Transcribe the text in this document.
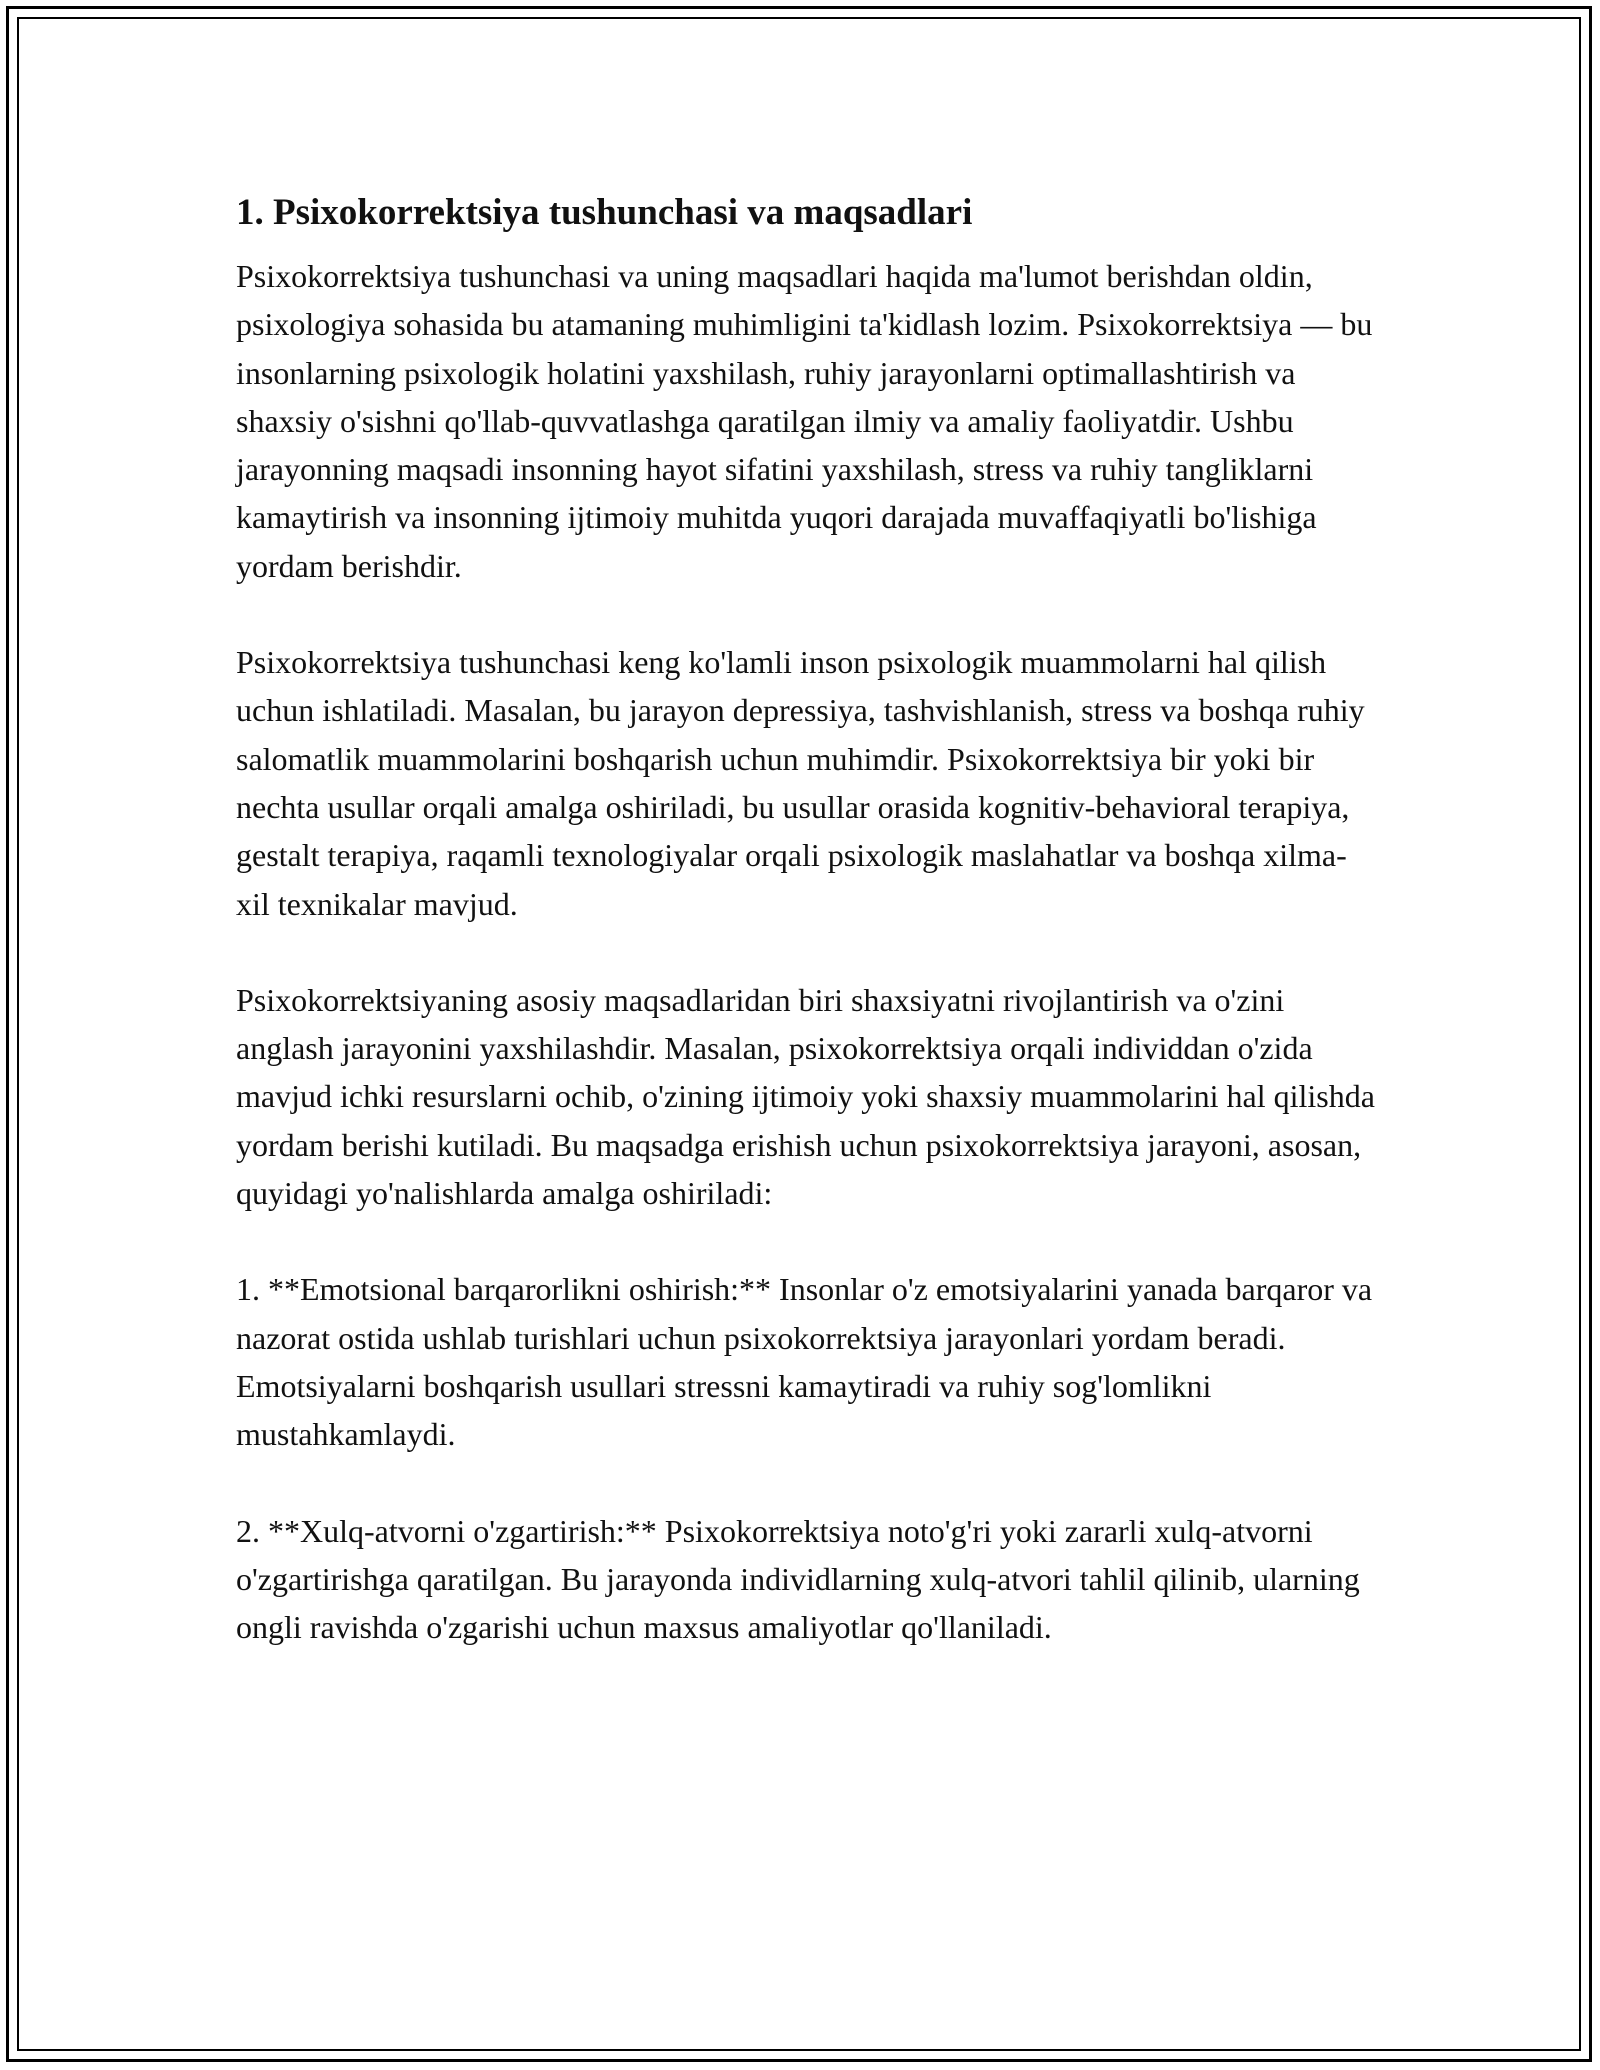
1. Psixokorrektsiya tushunchasi va maqsadlari

Psixokorrektsiya tushunchasi va uning maqsadlari haqida ma'lumot berishdan oldin, psixologiya sohasida bu atamaning muhimligini ta'kidlash lozim. Psixokorrektsiya — bu insonlarning psixologik holatini yaxshilash, ruhiy jarayonlarni optimallashtirish va shaxsiy o'sishni qo'llab-quvvatlashga qaratilgan ilmiy va amaliy faoliyatdir. Ushbu jarayonning maqsadi insonning hayot sifatini yaxshilash, stress va ruhiy tangliklarni kamaytirish va insonning ijtimoiy muhitda yuqori darajada muvaffaqiyatli bo'lishiga yordam berishdir.

Psixokorrektsiya tushunchasi keng ko'lamli inson psixologik muammolarni hal qilish uchun ishlatiladi. Masalan, bu jarayon depressiya, tashvishlanish, stress va boshqa ruhiy salomatlik muammolarini boshqarish uchun muhimdir. Psixokorrektsiya bir yoki bir nechta usullar orqali amalga oshiriladi, bu usullar orasida kognitiv-behavioral terapiya, gestalt terapiya, raqamli texnologiyalar orqali psixologik maslahatlar va boshqa xilma-xil texnikalar mavjud.

Psixokorrektsiyaning asosiy maqsadlaridan biri shaxsiyatni rivojlantirish va o'zini anglash jarayonini yaxshilashdir. Masalan, psixokorrektsiya orqali individdan o'zida mavjud ichki resurslarni ochib, o'zining ijtimoiy yoki shaxsiy muammolarini hal qilishda yordam berishi kutiladi. Bu maqsadga erishish uchun psixokorrektsiya jarayoni, asosan, quyidagi yo'nalishlarda amalga oshiriladi:

1. **Emotsional barqarorlikni oshirish:** Insonlar o'z emotsiyalarini yanada barqaror va nazorat ostida ushlab turishlari uchun psixokorrektsiya jarayonlari yordam beradi. Emotsiyalarni boshqarish usullari stressni kamaytiradi va ruhiy sog'lomlikni mustahkamlaydi.

2. **Xulq-atvorni o'zgartirish:** Psixokorrektsiya noto'g'ri yoki zararli xulq-atvorni o'zgartirishga qaratilgan. Bu jarayonda individlarning xulq-atvori tahlil qilinib, ularning ongli ravishda o'zgarishi uchun maxsus amaliyotlar qo'llaniladi.
